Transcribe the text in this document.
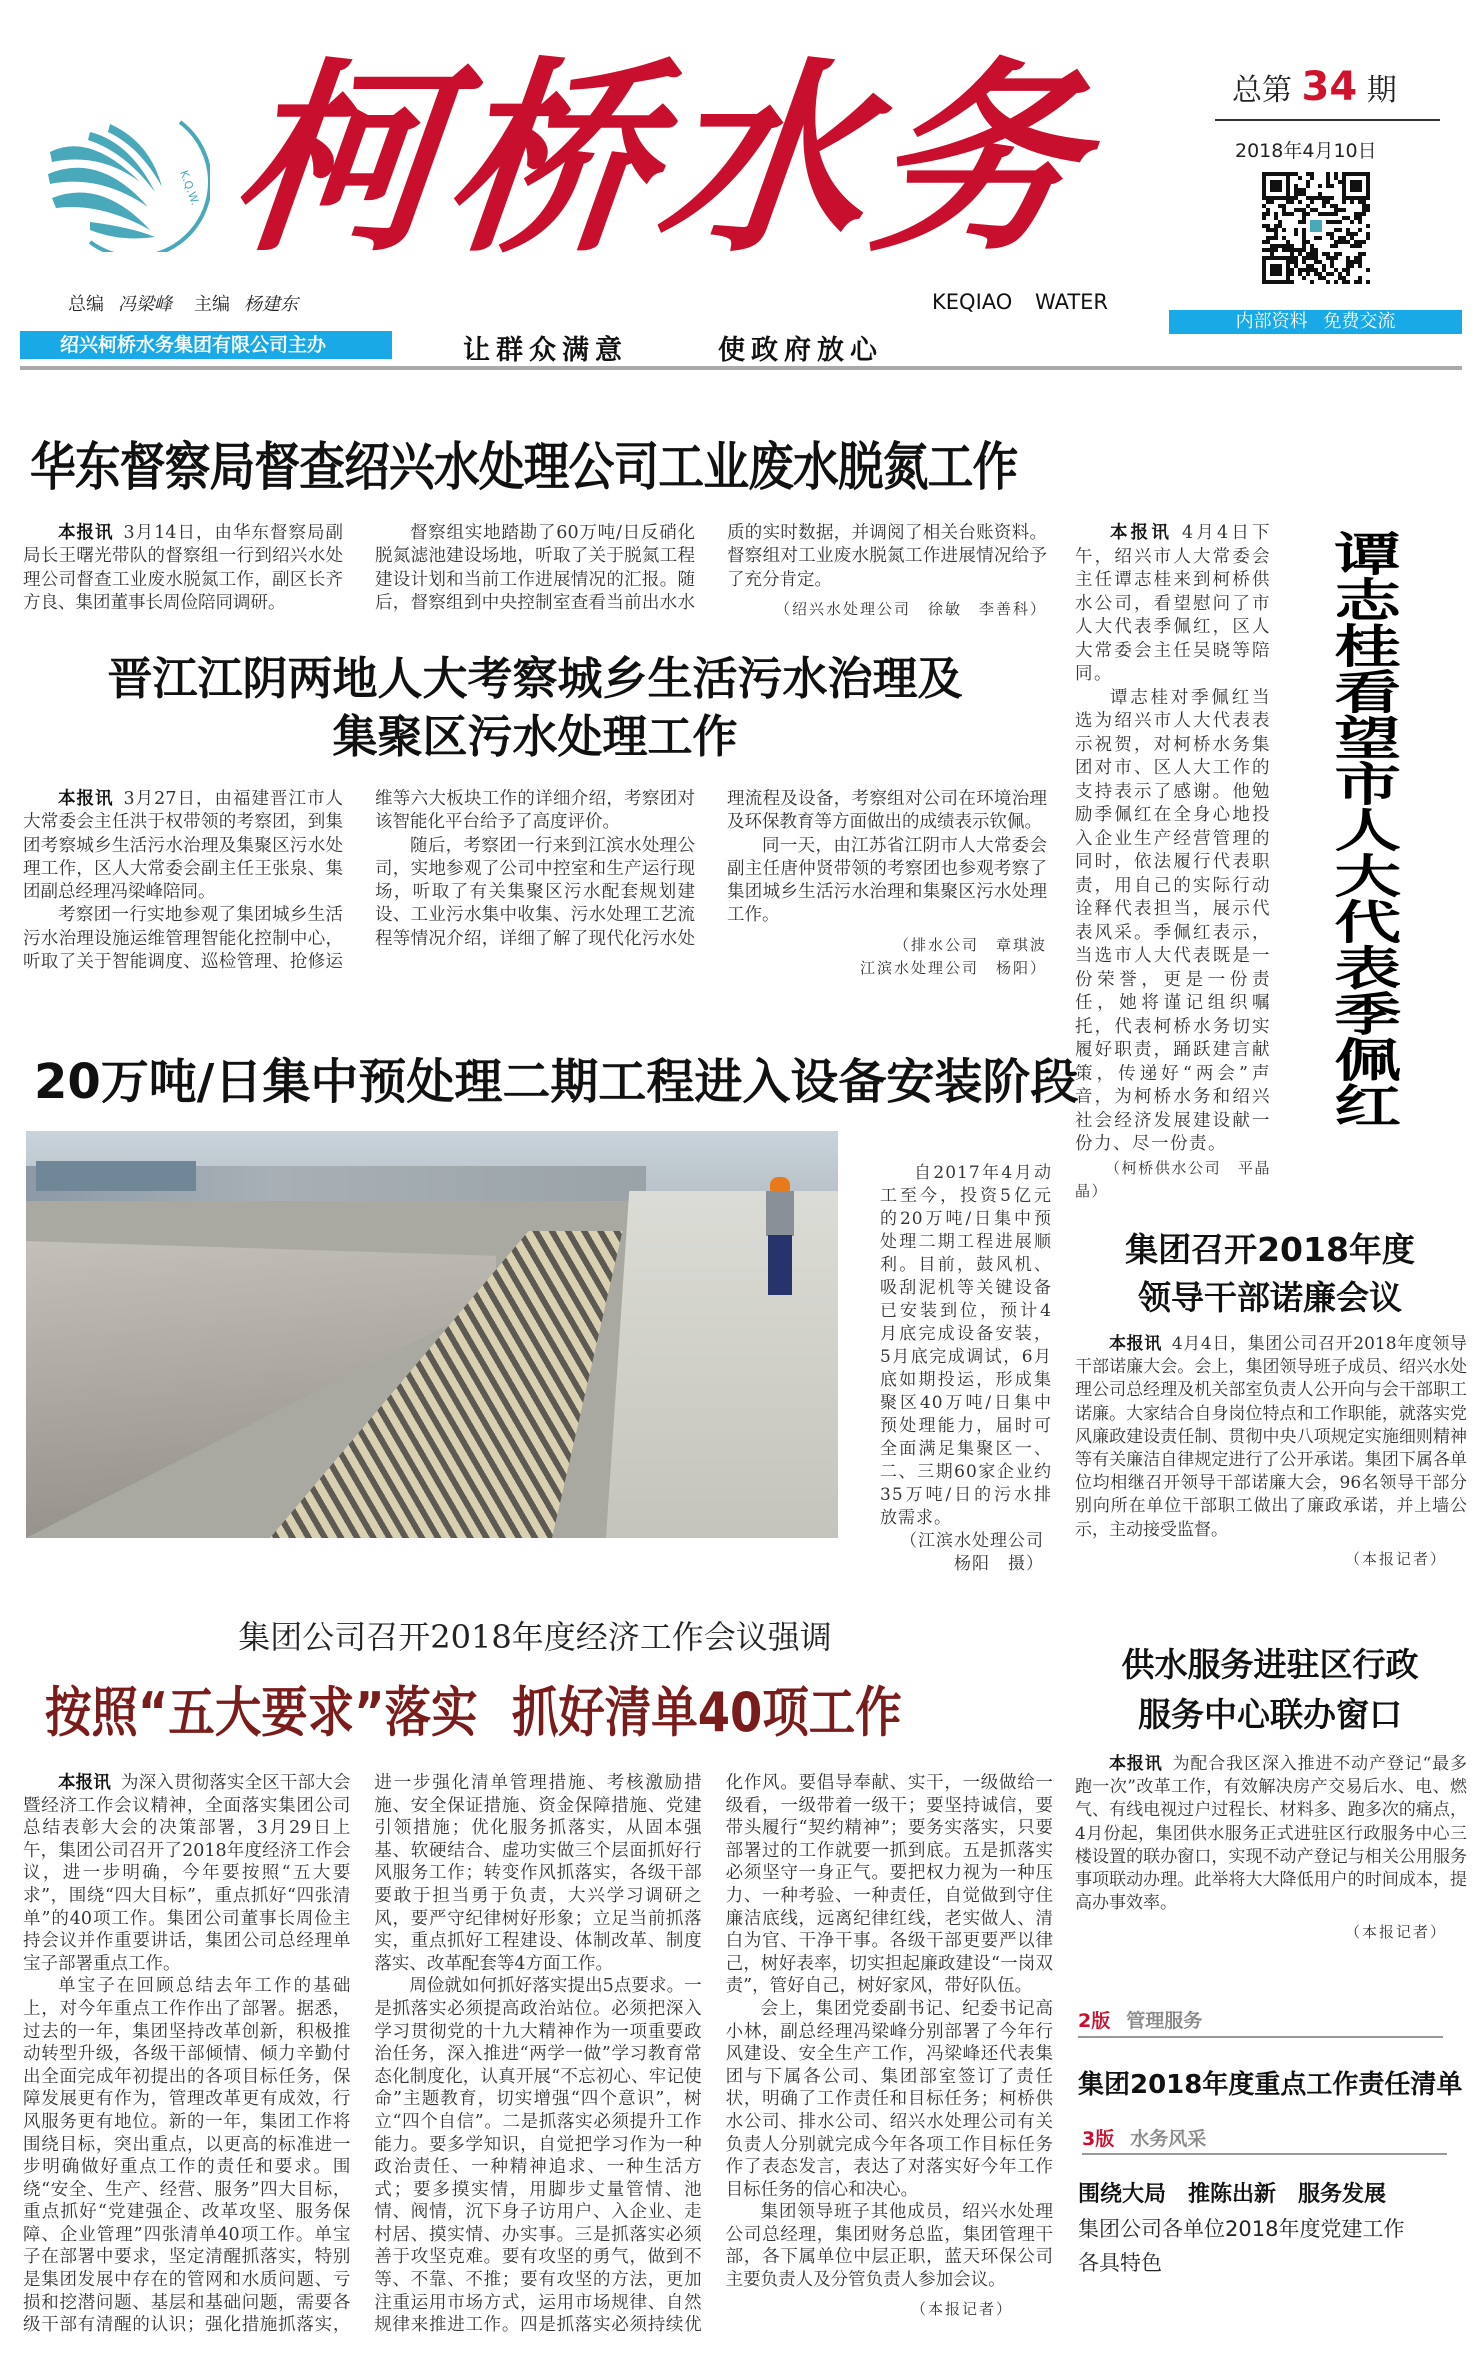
K.Q.W. 柯桥水务	总第 34 期
2018年4月10日
总编 冯梁峰 主编 杨建东	KEQIAO WATER
绍兴柯桥水务集团有限公司主办	让群众满意	使政府放心
内部资料 免费交流
华东督察局督查绍兴水处理公司工业废水脱氮工作

本报讯 3月14日，由华东督察局副局长王曙光带队的督察组一行到绍兴水处理公司督查工业废水脱氮工作，副区长齐方良、集团董事长周俭陪同调研。

督察组实地踏勘了60万吨/日反硝化脱氮滤池建设场地，听取了关于脱氮工程建设计划和当前工作进展情况的汇报。随后，督察组到中央控制室查看当前出水水质的实时数据，并调阅了相关台账资料。督察组对工业废水脱氮工作进展情况给予了充分肯定。

（绍兴水处理公司　徐敏　李善科）

晋江江阴两地人大考察城乡生活污水治理及
集聚区污水处理工作

本报讯 3月27日，由福建晋江市人大常委会主任洪于权带领的考察团，到集团考察城乡生活污水治理及集聚区污水处理工作，区人大常委会副主任王张泉、集团副总经理冯梁峰陪同。

考察团一行实地参观了集团城乡生活污水治理设施运维管理智能化控制中心，听取了关于智能调度、巡检管理、抢修运维等六大板块工作的详细介绍，考察团对该智能化平台给予了高度评价。

随后，考察团一行来到江滨水处理公司，实地参观了公司中控室和生产运行现场，听取了有关集聚区污水配套规划建设、工业污水集中收集、污水处理工艺流程等情况介绍，详细了解了现代化污水处理流程及设备，考察组对公司在环境治理及环保教育等方面做出的成绩表示钦佩。

同一天，由江苏省江阴市人大常委会副主任唐仲贤带领的考察团也参观考察了集团城乡生活污水治理和集聚区污水处理工作。

（排水公司　章琪波
江滨水处理公司　杨阳）

20万吨/日集中预处理二期工程进入设备安装阶段

自2017年4月动工至今，投资5亿元的20万吨/日集中预处理二期工程进展顺利。目前，鼓风机、吸刮泥机等关键设备已安装到位，预计4月底完成设备安装，5月底完成调试，6月底如期投运，形成集聚区40万吨/日集中预处理能力，届时可全面满足集聚区一、二、三期60家企业约35万吨/日的污水排放需求。

（江滨水处理公司
杨阳　摄）

本报讯 4月4日下午，绍兴市人大常委会主任谭志桂来到柯桥供水公司，看望慰问了市人大代表季佩红，区人大常委会主任吴晓等陪同。

谭志桂对季佩红当选为绍兴市人大代表表示祝贺，对柯桥水务集团对市、区人大工作的支持表示了感谢。他勉励季佩红在全身心地投入企业生产经营管理的同时，依法履行代表职责，用自己的实际行动诠释代表担当，展示代表风采。季佩红表示，当选市人大代表既是一份荣誉，更是一份责任，她将谨记组织嘱托，代表柯桥水务切实履好职责，踊跃建言献策，传递好“两会”声音，为柯桥水务和绍兴社会经济发展建设献一份力、尽一份责。

（柯桥供水公司　平晶晶）

谭志桂看望市人大代表季佩红
集团召开2018年度
领导干部诺廉会议

本报讯 4月4日，集团公司召开2018年度领导干部诺廉大会。会上，集团领导班子成员、绍兴水处理公司总经理及机关部室负责人公开向与会干部职工诺廉。大家结合自身岗位特点和工作职能，就落实党风廉政建设责任制、贯彻中央八项规定实施细则精神等有关廉洁自律规定进行了公开承诺。集团下属各单位均相继召开领导干部诺廉大会，96名领导干部分别向所在单位干部职工做出了廉政承诺，并上墙公示，主动接受监督。

（本报记者）

集团公司召开2018年度经济工作会议强调
按照“五大要求”落实 抓好清单40项工作

本报讯 为深入贯彻落实全区干部大会暨经济工作会议精神，全面落实集团公司总结表彰大会的决策部署，3月29日上午，集团公司召开了2018年度经济工作会议，进一步明确，今年要按照“五大要求”，围绕“四大目标”，重点抓好“四张清单”的40项工作。集团公司董事长周俭主持会议并作重要讲话，集团公司总经理单宝子部署重点工作。

单宝子在回顾总结去年工作的基础上，对今年重点工作作出了部署。据悉，过去的一年，集团坚持改革创新，积极推动转型升级，各级干部倾情、倾力辛勤付出全面完成年初提出的各项目标任务，保障发展更有作为，管理改革更有成效，行风服务更有地位。新的一年，集团工作将围绕目标，突出重点，以更高的标准进一步明确做好重点工作的责任和要求。围绕“安全、生产、经营、服务”四大目标，重点抓好“党建强企、改革攻坚、服务保障、企业管理”四张清单40项工作。单宝子在部署中要求，坚定清醒抓落实，特别是集团发展中存在的管网和水质问题、亏损和挖潜问题、基层和基础问题，需要各级干部有清醒的认识；强化措施抓落实，进一步强化清单管理措施、考核激励措施、安全保证措施、资金保障措施、党建引领措施；优化服务抓落实，从固本强基、软硬结合、虚功实做三个层面抓好行风服务工作；转变作风抓落实，各级干部要敢于担当勇于负责，大兴学习调研之风，要严守纪律树好形象；立足当前抓落实，重点抓好工程建设、体制改革、制度落实、改革配套等4方面工作。

周俭就如何抓好落实提出5点要求。一是抓落实必须提高政治站位。必须把深入学习贯彻党的十九大精神作为一项重要政治任务，深入推进“两学一做”学习教育常态化制度化，认真开展“不忘初心、牢记使命”主题教育，切实增强“四个意识”，树立“四个自信”。二是抓落实必须提升工作能力。要多学知识，自觉把学习作为一种政治责任、一种精神追求、一种生活方式；要多摸实情，用脚步丈量管情、池情、阀情，沉下身子访用户、入企业、走村居、摸实情、办实事。三是抓落实必须善于攻坚克难。要有攻坚的勇气，做到不等、不靠、不推；要有攻坚的方法，更加注重运用市场方式，运用市场规律、自然规律来推进工作。四是抓落实必须持续优化作风。要倡导奉献、实干，一级做给一级看，一级带着一级干；要坚持诚信，要带头履行“契约精神”；要务实落实，只要部署过的工作就要一抓到底。五是抓落实必须坚守一身正气。要把权力视为一种压力、一种考验、一种责任，自觉做到守住廉洁底线，远离纪律红线，老实做人、清白为官、干净干事。各级干部更要严以律己，树好表率，切实担起廉政建设“一岗双责”，管好自己，树好家风，带好队伍。

会上，集团党委副书记、纪委书记高小林，副总经理冯梁峰分别部署了今年行风建设、安全生产工作，冯梁峰还代表集团与下属各公司、集团部室签订了责任状，明确了工作责任和目标任务；柯桥供水公司、排水公司、绍兴水处理公司有关负责人分别就完成今年各项工作目标任务作了表态发言，表达了对落实好今年工作目标任务的信心和决心。

集团领导班子其他成员，绍兴水处理公司总经理，集团财务总监，集团管理干部，各下属单位中层正职，蓝天环保公司主要负责人及分管负责人参加会议。

（本报记者）

供水服务进驻区行政
服务中心联办窗口

本报讯 为配合我区深入推进不动产登记“最多跑一次”改革工作，有效解决房产交易后水、电、燃气、有线电视过户过程长、材料多、跑多次的痛点，4月份起，集团供水服务正式进驻区行政服务中心三楼设置的联办窗口，实现不动产登记与相关公用服务事项联动办理。此举将大大降低用户的时间成本，提高办事效率。

（本报记者）

2版 管理服务
集团2018年度重点工作责任清单
3版 水务风采
围绕大局　推陈出新　服务发展
集团公司各单位2018年度党建工作
各具特色
